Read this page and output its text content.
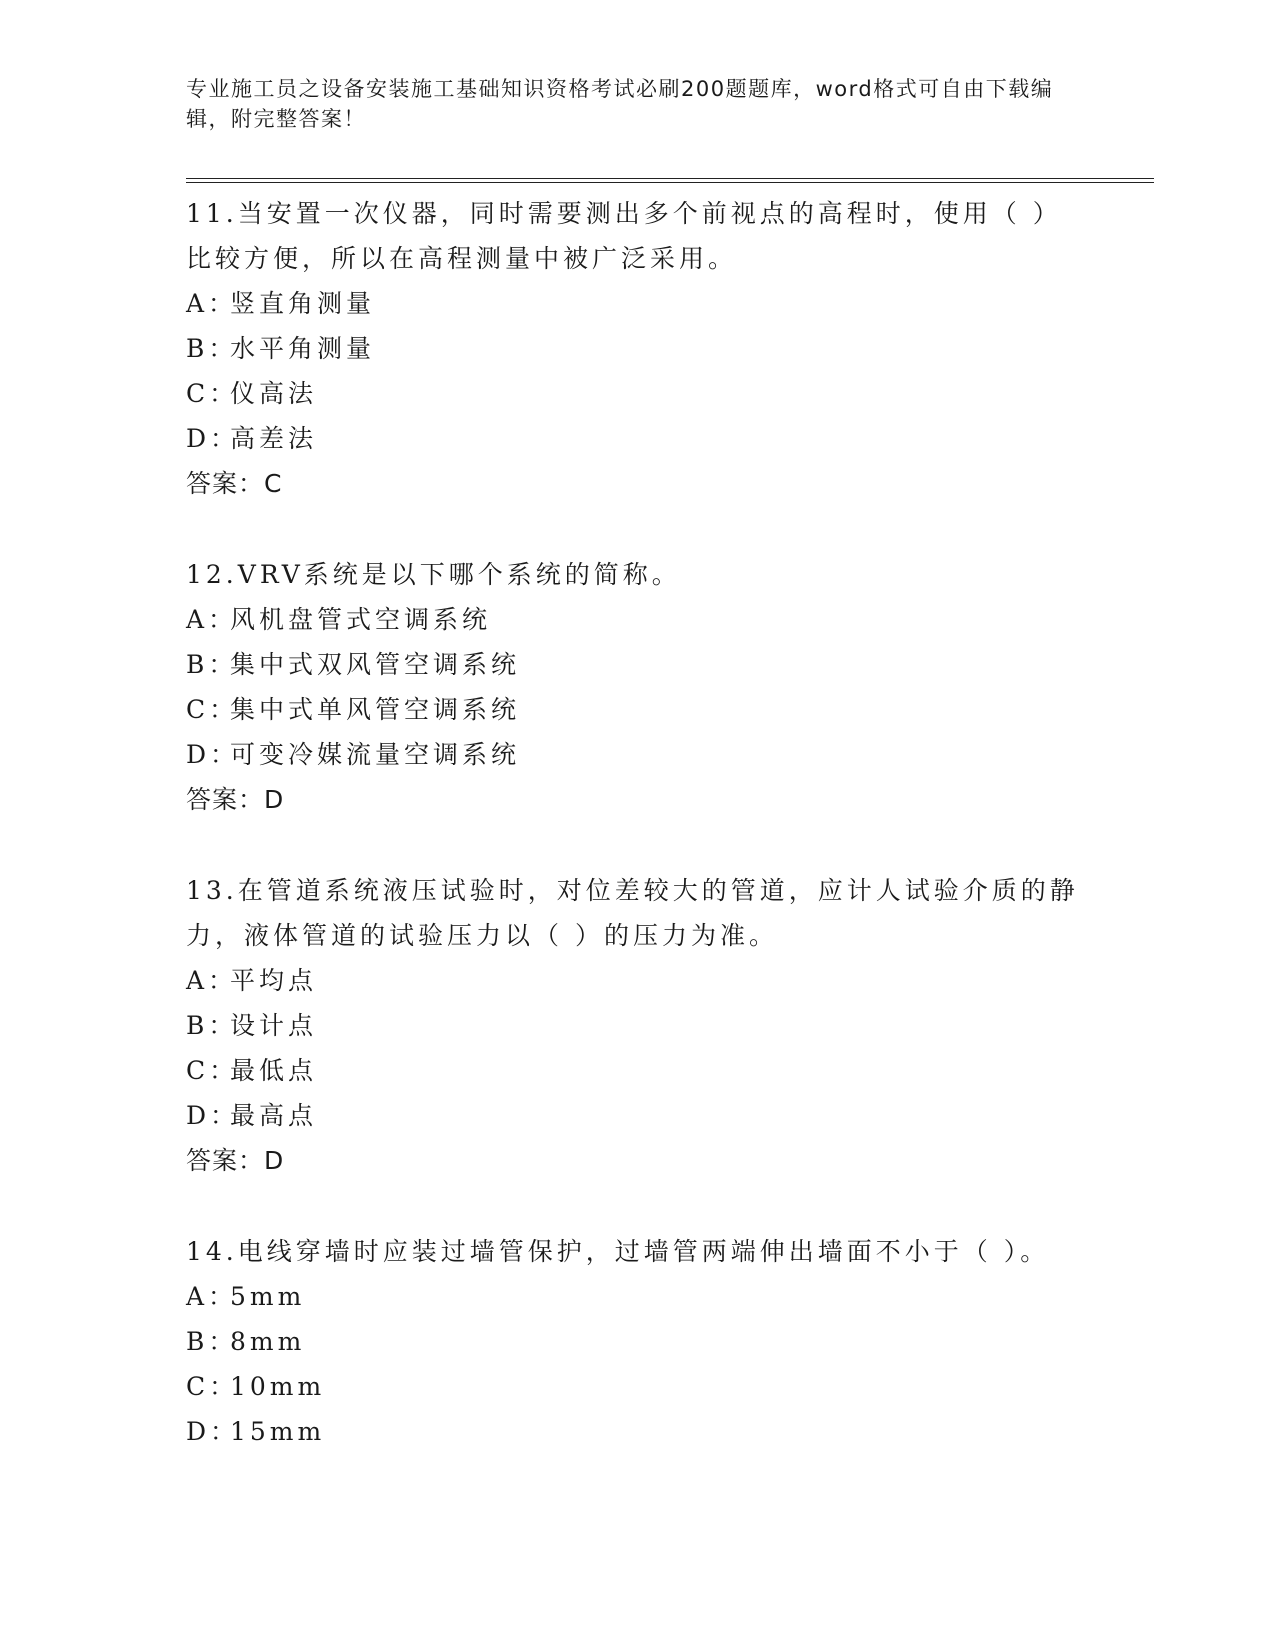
专业施工员之设备安装施工基础知识资格考试必刷200题题库，word格式可自由下载编辑，附完整答案！
11.当安置一次仪器，同时需要测出多个前视点的高程时，使用（ ）比较方便，所以在高程测量中被广泛采用。
A：竖直角测量
B：水平角测量
C：仪高法
D：高差法
答案：C
12.VRV系统是以下哪个系统的简称。
A：风机盘管式空调系统
B：集中式双风管空调系统
C：集中式单风管空调系统
D：可变冷媒流量空调系统
答案：D
13.在管道系统液压试验时，对位差较大的管道，应计人试验介质的静力，液体管道的试验压力以（ ）的压力为准。
A：平均点
B：设计点
C：最低点
D：最高点
答案：D
14.电线穿墙时应装过墙管保护，过墙管两端伸出墙面不小于（ ）。
A：5mm
B：8mm
C：10mm
D：15mm
